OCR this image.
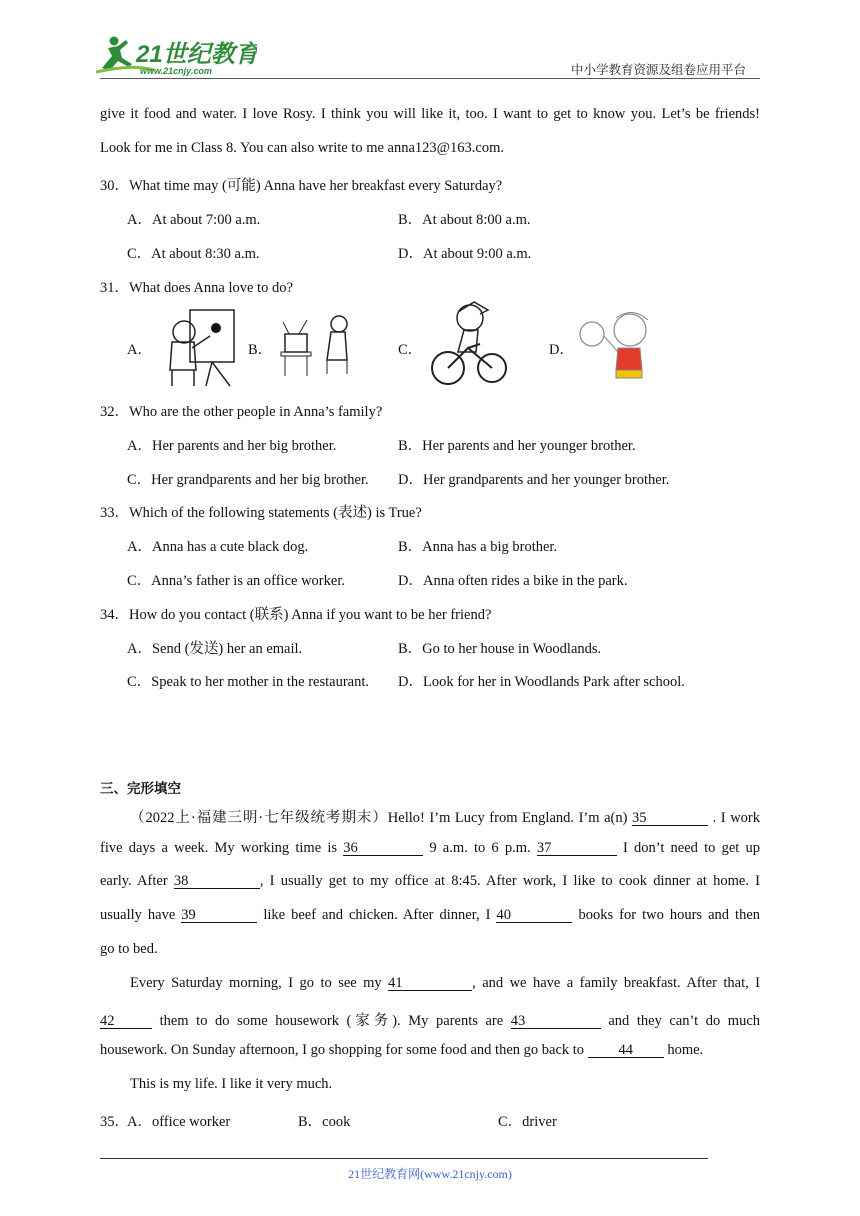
21世纪教育
www.21cnjy.com	中小学教育资源及组卷应用平台
give it food and water. I love Rosy. I think you will like it, too. I want to get to know you. Let’s be friends!
Look for me in Class 8. You can also write to me anna123@163.com.
30．What time may (可能) Anna have her breakfast every Saturday?
A．At about 7:00 a.m.	B．At about 8:00 a.m.
C．At about 8:30 a.m.	D．At about 9:00 a.m.
31．What does Anna love to do?
A．	B．	C．	D．
32．Who are the other people in Anna’s family?
A．Her parents and her big brother.	B．Her parents and her younger brother.
C．Her grandparents and her big brother. D．Her grandparents and her younger brother.
33．Which of the following statements (表述) is True?
A．Anna has a cute black dog.	B．Anna has a big brother.
C．Anna’s father is an office worker.	D．Anna often rides a bike in the park.
34．How do you contact (联系) Anna if you want to be her friend?
A．Send (发送) her an email.	B．Go to her house in Woodlands.
C．Speak to her mother in the restaurant. D．Look for her in Woodlands Park after school.
三、完形填空
（2022上·福建三明·七年级统考期末）Hello! I’m Lucy from England. I’m a(n) 35	. I work
five days a week. My working time is 36	9 a.m. to 6 p.m. 37	I don’t need to get up
early. After 38	, I usually get to my office at 8:45. After work, I like to cook dinner at home. I
usually have 39	like beef and chicken. After dinner, I 40	books for two hours and then
go to bed.
Every Saturday morning, I go to see my 41	, and we have a family breakfast. After that, I
42	them to do some housework (家务). My parents are 43	and they can’t do much
housework. On Sunday afternoon, I go shopping for some food and then go back to 44 home.
This is my life. I like it very much.
35．
A．office worker	B．cook	C．driver
21世纪教育网(www.21cnjy.com)
